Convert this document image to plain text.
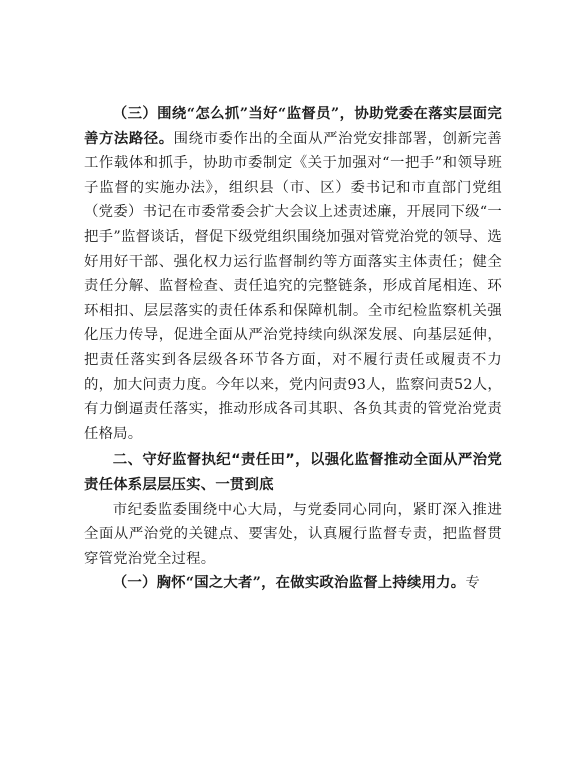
（三）围绕“怎么抓”当好“监督员”，协助党委在落实层面完善方法路径。围绕市委作出的全面从严治党安排部署，创新完善工作载体和抓手，协助市委制定《关于加强对“一把手”和领导班子监督的实施办法》，组织县（市、区）委书记和市直部门党组（党委）书记在市委常委会扩大会议上述责述廉，开展同下级“一把手”监督谈话，督促下级党组织围绕加强对管党治党的领导、选好用好干部、强化权力运行监督制约等方面落实主体责任；健全责任分解、监督检查、责任追究的完整链条，形成首尾相连、环环相扣、层层落实的责任体系和保障机制。全市纪检监察机关强化压力传导，促进全面从严治党持续向纵深发展、向基层延伸，把责任落实到各层级各环节各方面，对不履行责任或履责不力的，加大问责力度。今年以来，党内问责93人，监察问责52人，有力倒逼责任落实，推动形成各司其职、各负其责的管党治党责任格局。

二、守好监督执纪“责任田”，以强化监督推动全面从严治党责任体系层层压实、一贯到底

市纪委监委围绕中心大局，与党委同心同向，紧盯深入推进全面从严治党的关键点、要害处，认真履行监督专责，把监督贯穿管党治党全过程。

（一）胸怀“国之大者”，在做实政治监督上持续用力。专
